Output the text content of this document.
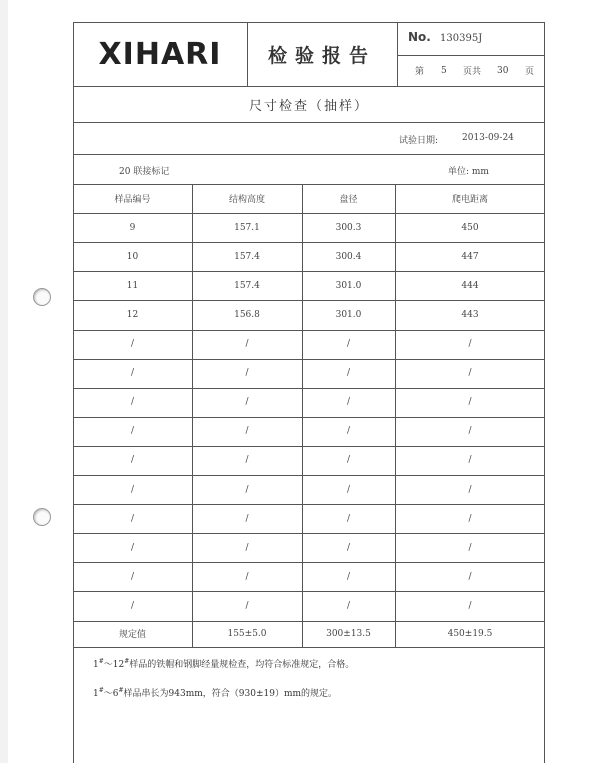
XIHARI	检验报告
No. 130395J
第 5 页共 30 页
尺寸检查（抽样）
试验日期:	2013-09-24
20 联接标记	单位: mm
样品编号	结构高度	盘径	爬电距离
9	157.1	300.3	450
10	157.4	300.4	447
11	157.4	301.0	444
12	156.8	301.0	443
/	/	/	/
/	/	/	/
/	/	/	/
/	/	/	/
/	/	/	/
/	/	/	/
/	/	/	/
/	/	/	/
/	/	/	/
/	/	/	/
规定值	155±5.0	300±13.5	450±19.5
1#～12#样品的铁帽和钢脚经量规检查，均符合标准规定，合格。
1#～6#样品串长为943mm，符合（930±19）mm的规定。
